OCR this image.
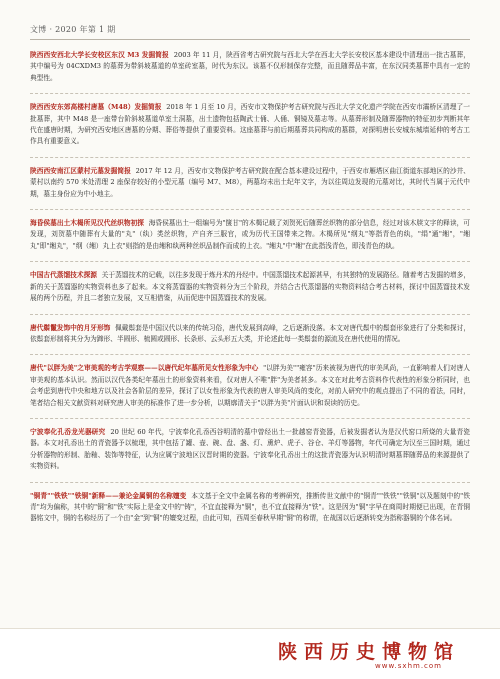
文博 · 2020 年第 1 期
陕西西安西北大学长安校区东汉 M3 发掘简报 2003 年 11 月，陕西省考古研究院与西北大学在西北大学长安校区基本建设中清理出一批古墓葬，其中编号为 04CXDM3 的墓葬为带斜坡墓道的单室砖室墓，时代为东汉。该墓不仅形制保存完整，而且随葬品丰富，在东汉同类墓葬中具有一定的典型性。
陕西西安东郊高楼村唐墓（M48）发掘简报 2018 年 1 月至 10 月，西安市文物保护考古研究院与西北大学文化遗产学院在西安市灞桥区清理了一批墓葬，其中 M48 是一座带台阶斜坡墓道单室土洞墓，出土遗物包括陶武士俑、人俑、铜镜及墓志等。从墓葬形制及随葬器物的特征初步判断其年代在盛唐时期，为研究西安地区唐墓的分期、葬俗等提供了重要资料。这座墓葬与前后期墓葬共同构成的墓群，对探明唐长安城东城墙延伸的考古工作具有重要意义。
陕西西安南江区蒙村元墓发掘简报 2017 年 12 月，西安市文物保护考古研究院在配合基本建设过程中，于西安市雁塔区曲江街道东部地区的沙井、蒙村以南约 570 米处清理 2 座保存较好的小型元墓（编号 M7、M8），两墓均未出土纪年文字，为以往周边发现的元墓对比，其时代当属于元代中期，墓主身份应为中小地主。
海昏侯墓出土木楬所见汉代丝织物初探 海昏侯墓出土一组编号为"箧甘"的木楬记载了刘贺死后随葬丝织物的部分信息，经过对该木牍文字的释读，可发现，刘贺墓中随葬有大量的"丸"（纨）类丝织物，产自齐三服官，或为历代王国带来之物。木楬所见"纲丸"等指青色的纨，"绢"通"缃"，"缃丸"即"缃丸"，"纲（缃）丸上衣"则指的是由缃和纨两种丝织品制作而成的上衣。"缃丸"中"缃"在此指浅青色，即浅青色的纨。
中国古代蒸馏技术探源 关于蒸馏技术的记载，以往多发现于炼丹术的丹经中。中国蒸馏技术起源甚早，有其独特的发展路径。随着考古发掘的增多，新的关于蒸馏器的实物资料也多了起来。本文将蒸馏器的实物资料分为三个阶段，并结合古代蒸馏器的实物资料结合考古材料，探讨中国蒸馏技术发展的两个历程，并且二者独立发展，又互相借鉴，从而促进中国蒸馏技术的发展。
唐代鬃鬣发饰中的月牙形饰 佩戴鬃套是中国汉代以来的传统习俗，唐代发展到高峰，之后逐渐没落。本文对唐代鬃中的鬃套形象进行了分类和探讨，依鬃套形制将其分为为蹄形、半圆形、梳圆或圆形、长条形、云头形五大类，并论述此每一类鬃套的源流及在唐代使用的情况。
唐代"以胖为美"之审美观的考古学观察——以唐代纪年墓所见女性形象为中心 "以胖为美""雍容"历来被视为唐代的审美风尚，一直影响着人们对唐人审美观的基本认识。然而以汉代各类纪年墓出土的形象资料来看，仅对唐人不唯"胖"为美者甚多。本文在对此考古资料作代表性的形象分析同时，也会考虑到唐代中央和地方以及社会各阶层的差异，探讨了以女性形象为代表的唐人审美风尚的变化，对前人研究中的观点提出了不同的看法，同时，笔者结合相关文献资料对研究唐人审美的标准作了进一步分析，以期廓清关于"以胖为美"片面认识和误读的历史。
宁波奉化孔岙龙光器研究 20 世纪 60 年代，宁波奉化孔岙西谷明清的墓中曾经出土一批越窑青瓷器，后被发掘者认为是汉代窑口所烧的大量青瓷器。本文对孔岙出土的青瓷器予以梳理，其中包括了罐、壶、碗、盘、盏、灯、熏炉、虎子、谷仓、羊灯等器物，年代可确定为汉至三国时期，通过分析器物的形制、胎釉、装饰等特征，认为应属宁波地区汉晋时期的瓷器。宁波奉化孔岙出土的这批青瓷器为认识明清时期墓葬随葬品的来源提供了实物资料。
"铜青""铁铁""铁铜"新释——兼论金属铜的名称嬗变 本文基于全文中金属名称的考辨研究，推断传世文献中的"铜青""铁铁""铁铜"以及题刻中的"铁青"均为偏称，其中的"铜"和"铁"实际上是金文中的"铸"，不宜直接释为"铜"，也不宜直接释为"铁"。这是因为"铜"字早在商周时期便已出现，在青铜器铭文中，铜的名称经历了一个由"金"到"铜"的嬗变过程，由此可知，西周至春秋早期"铜"的称谓，在战国以后逐渐转变为指称器铜的个体名词。
陕西历史博物馆
www.sxhm.com
